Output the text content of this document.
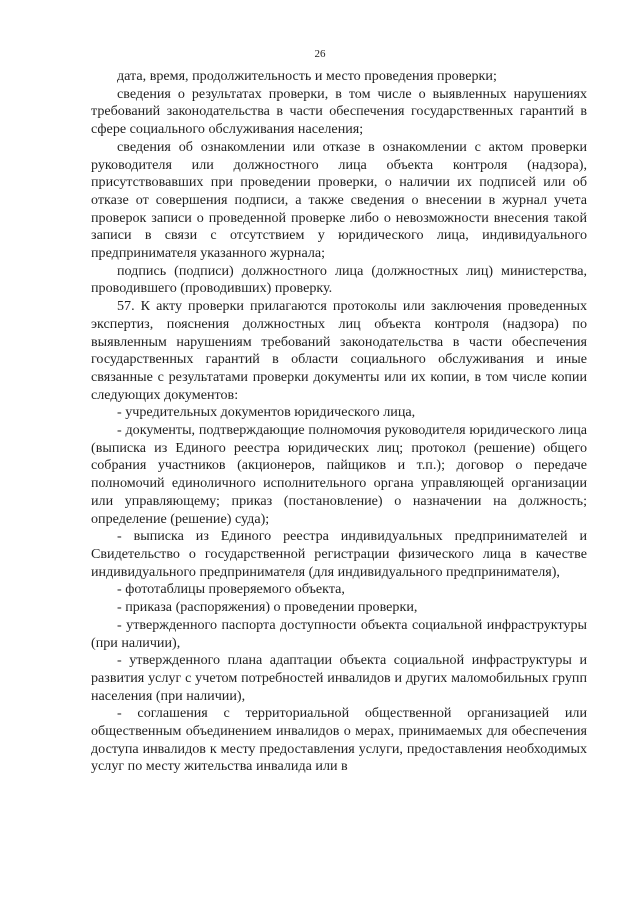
26

дата, время, продолжительность и место проведения проверки;

сведения о результатах проверки, в том числе о выявленных нарушениях требований законодательства в части обеспечения государственных гарантий в сфере социального обслуживания населения;

сведения об ознакомлении или отказе в ознакомлении с актом проверки руководителя или должностного лица объекта контроля (надзора), присутствовавших при проведении проверки, о наличии их подписей или об отказе от совершения подписи, а также сведения о внесении в журнал учета проверок записи о проведенной проверке либо о невозможности внесения такой записи в связи с отсутствием у юридического лица, индивидуального предпринимателя указанного журнала;

подпись (подписи) должностного лица (должностных лиц) министерства, проводившего (проводивших) проверку.

57. К акту проверки прилагаются протоколы или заключения проведенных экспертиз, пояснения должностных лиц объекта контроля (надзора) по выявленным нарушениям требований законодательства в части обеспечения государственных гарантий в области социального обслуживания и иные связанные с результатами проверки документы или их копии, в том числе копии следующих документов:

- учредительных документов юридического лица,

- документы, подтверждающие полномочия руководителя юридического лица (выписка из Единого реестра юридических лиц; протокол (решение) общего собрания участников (акционеров, пайщиков и т.п.); договор о передаче полномочий единоличного исполнительного органа управляющей организации или управляющему; приказ (постановление) о назначении на должность; определение (решение) суда);

- выписка из Единого реестра индивидуальных предпринимателей и Свидетельство о государственной регистрации физического лица в качестве индивидуального предпринимателя (для индивидуального предпринимателя),

- фототаблицы проверяемого объекта,

- приказа (распоряжения) о проведении проверки,

- утвержденного паспорта доступности объекта социальной инфраструктуры (при наличии),

- утвержденного плана адаптации объекта социальной инфраструктуры и развития услуг с учетом потребностей инвалидов и других маломобильных групп населения (при наличии),

- соглашения с территориальной общественной организацией или общественным объединением инвалидов о мерах, принимаемых для обеспечения доступа инвалидов к месту предоставления услуги, предоставления необходимых услуг по месту жительства инвалида или в
